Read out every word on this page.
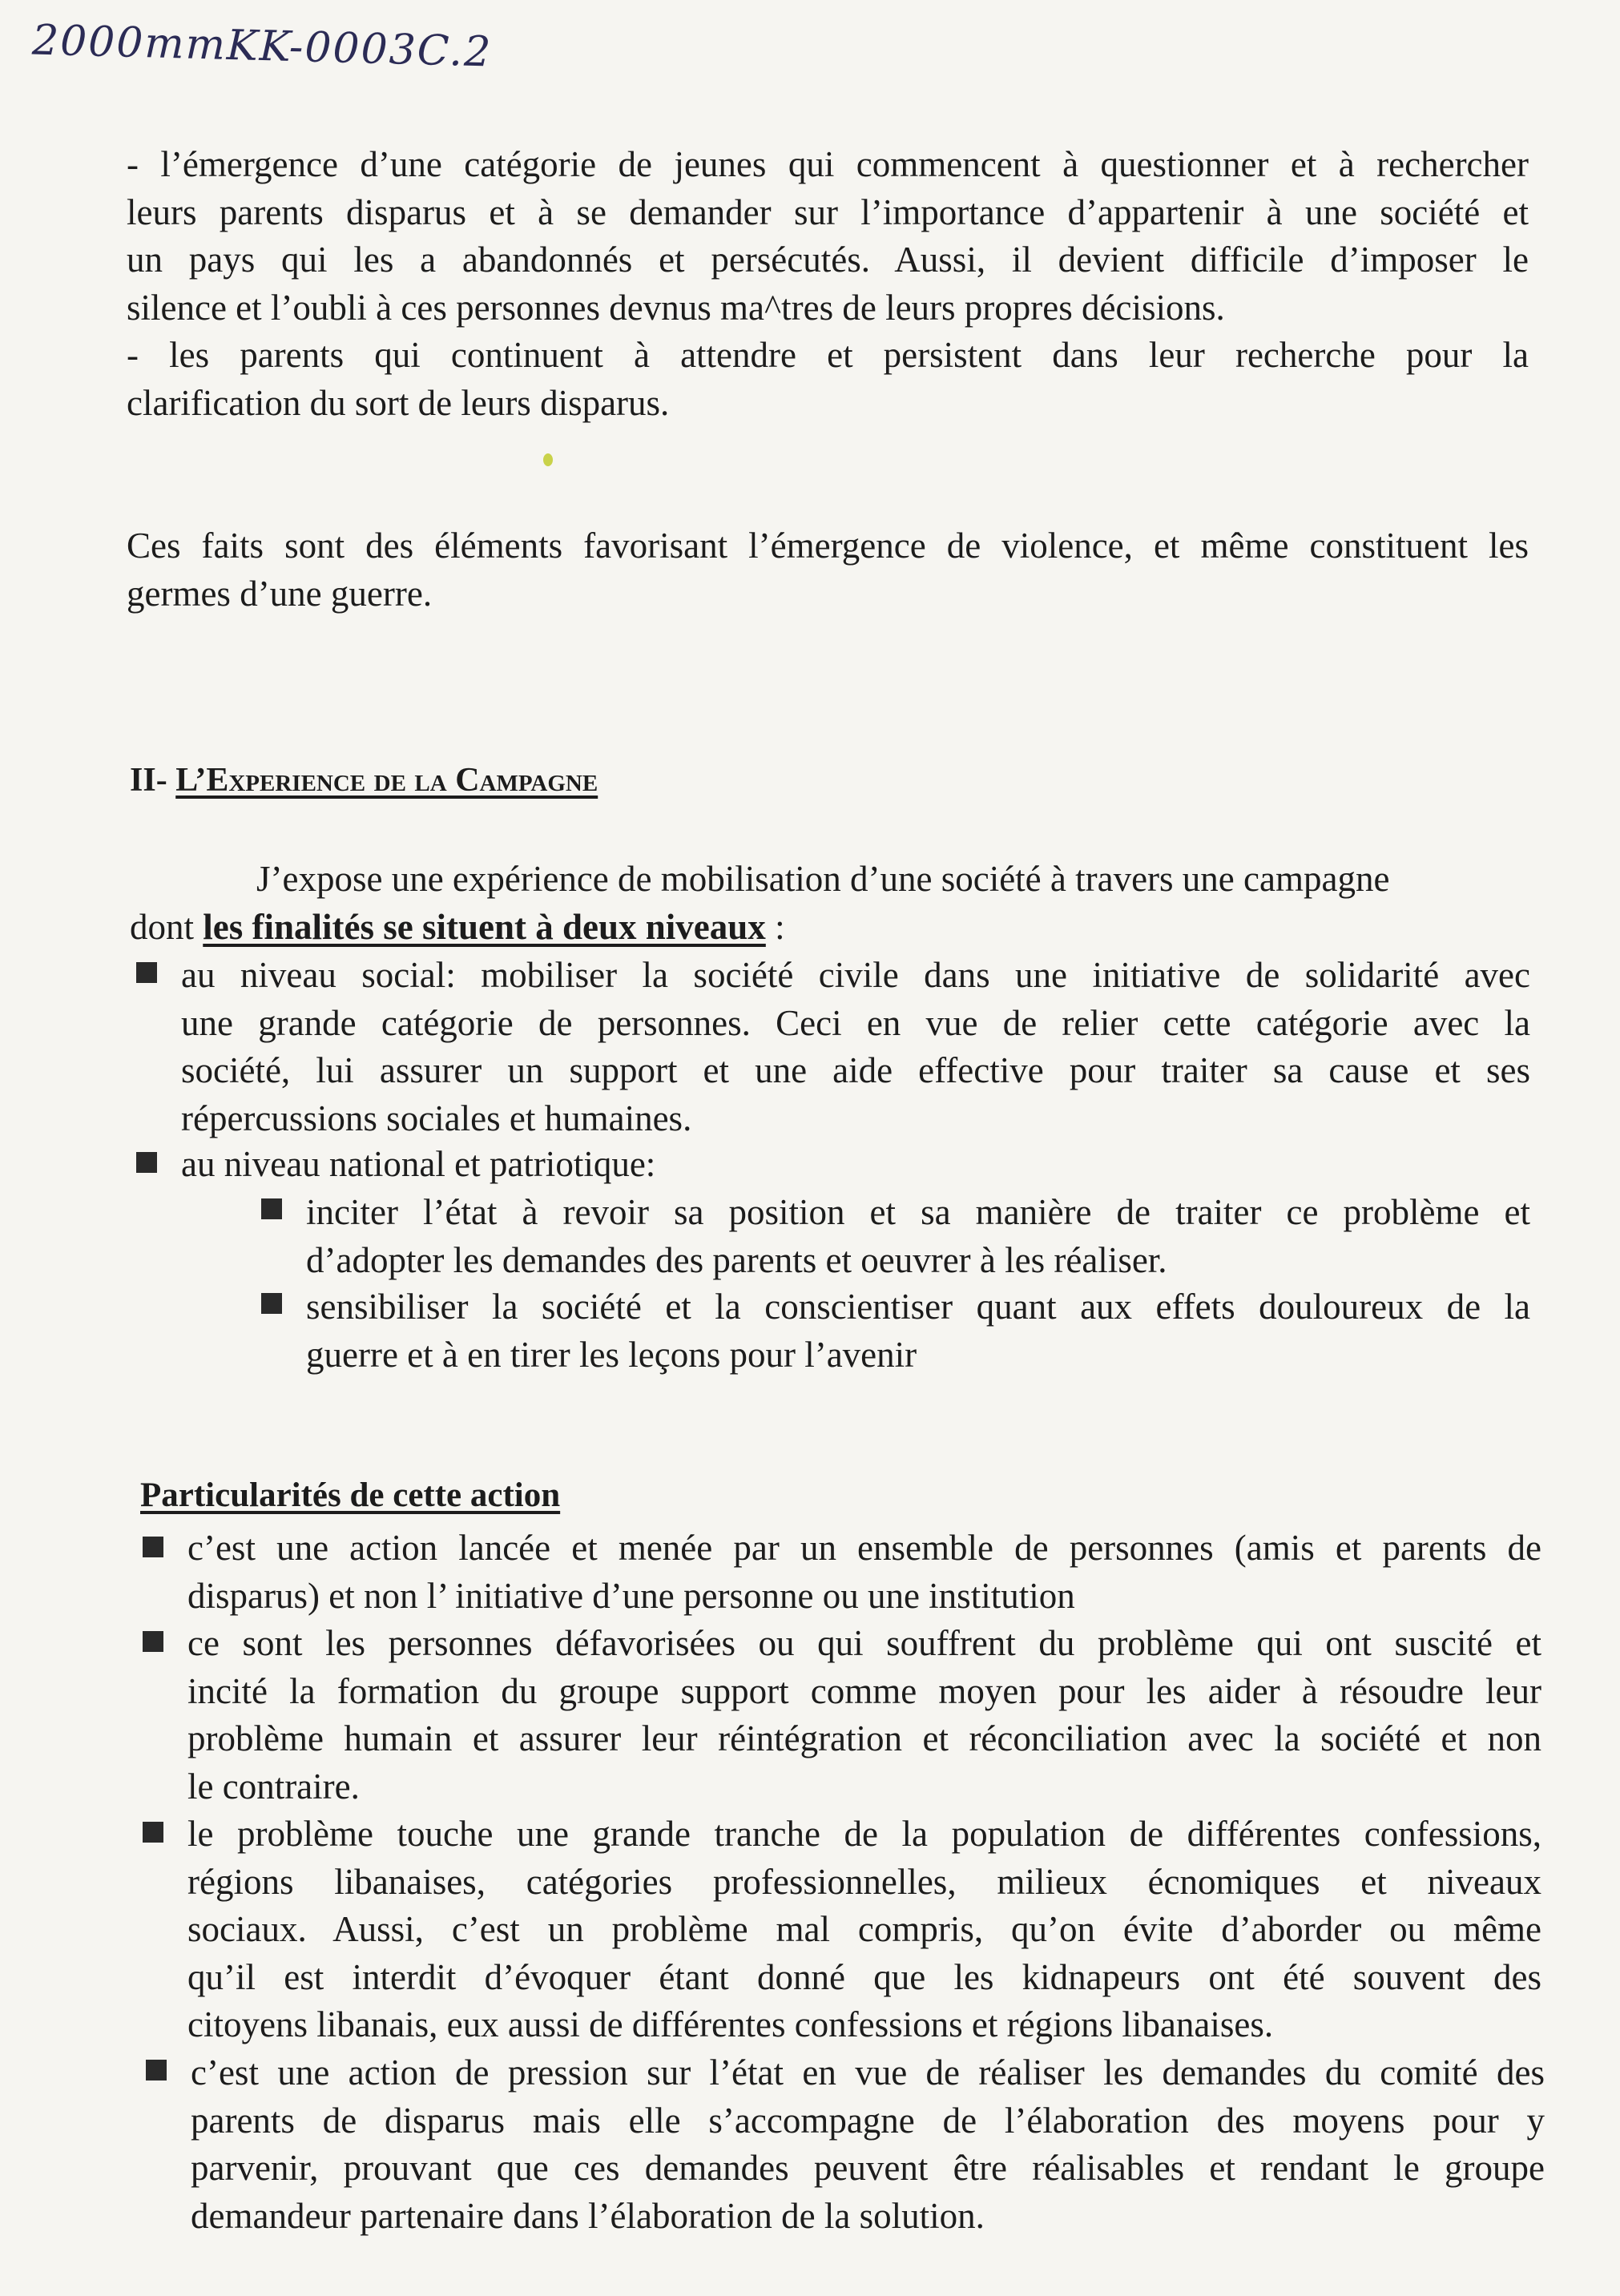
2000mmKK-0003C.2
- l’émergence d’une catégorie de jeunes qui commencent à questionner et à rechercher
leurs parents disparus et à se demander sur l’importance d’appartenir à une société et
un pays qui les a abandonnés et persécutés. Aussi, il devient difficile d’imposer le
silence et l’oubli à ces personnes devnus ma^tres de leurs propres décisions.
- les parents qui continuent à attendre et persistent dans leur recherche pour la
clarification du sort de leurs disparus.
Ces faits sont des éléments favorisant l’émergence de violence, et même constituent les
germes d’une guerre.
II- L’Experience de la Campagne
J’expose une expérience de mobilisation d’une société à travers une campagne
dont les finalités se situent à deux niveaux :
au niveau social: mobiliser la société civile dans une initiative de solidarité avec
une grande catégorie de personnes. Ceci en vue de relier cette catégorie avec la
société, lui assurer un support et une aide effective pour traiter sa cause et ses
répercussions sociales et humaines.
au niveau national et patriotique:
inciter l’état à revoir sa position et sa manière de traiter ce problème et
d’adopter les demandes des parents et oeuvrer à les réaliser.
sensibiliser la société et la conscientiser quant aux effets douloureux de la
guerre et à en tirer les leçons pour l’avenir
Particularités de cette action
c’est une action lancée et menée par un ensemble de personnes (amis et parents de
disparus) et non l’ initiative d’une personne ou une institution
ce sont les personnes défavorisées ou qui souffrent du problème qui ont suscité et
incité la formation du groupe support comme moyen pour les aider à résoudre leur
problème humain et assurer leur réintégration et réconciliation avec la société et non
le contraire.
le problème touche une grande tranche de la population de différentes confessions,
régions libanaises, catégories professionnelles, milieux écnomiques et niveaux
sociaux. Aussi, c’est un problème mal compris, qu’on évite d’aborder ou même
qu’il est interdit d’évoquer étant donné que les kidnapeurs ont été souvent des
citoyens libanais, eux aussi de différentes confessions et régions libanaises.
c’est une action de pression sur l’état en vue de réaliser les demandes du comité des
parents de disparus mais elle s’accompagne de l’élaboration des moyens pour y
parvenir, prouvant que ces demandes peuvent être réalisables et rendant le groupe
demandeur partenaire dans l’élaboration de la solution.
